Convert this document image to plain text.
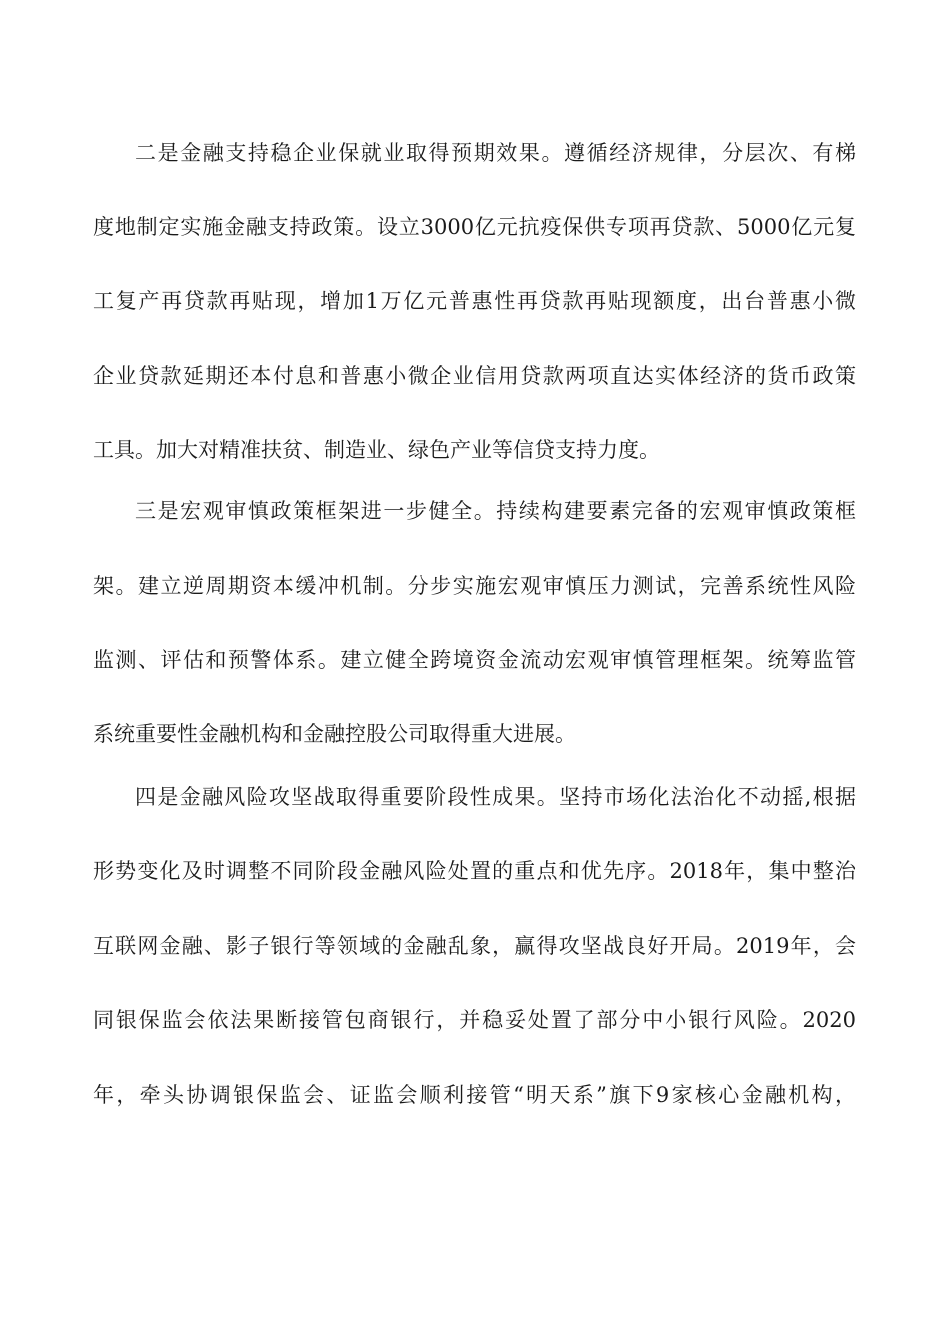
二是金融支持稳企业保就业取得预期效果。遵循经济规律，分层次、有梯
度地制定实施金融支持政策。设立3000亿元抗疫保供专项再贷款、5000亿元复
工复产再贷款再贴现，增加1万亿元普惠性再贷款再贴现额度，出台普惠小微
企业贷款延期还本付息和普惠小微企业信用贷款两项直达实体经济的货币政策
工具。加大对精准扶贫、制造业、绿色产业等信贷支持力度。
三是宏观审慎政策框架进一步健全。持续构建要素完备的宏观审慎政策框
架。建立逆周期资本缓冲机制。分步实施宏观审慎压力测试，完善系统性风险
监测、评估和预警体系。建立健全跨境资金流动宏观审慎管理框架。统筹监管
系统重要性金融机构和金融控股公司取得重大进展。
四是金融风险攻坚战取得重要阶段性成果。坚持市场化法治化不动摇,根据
形势变化及时调整不同阶段金融风险处置的重点和优先序。2018年，集中整治
互联网金融、影子银行等领域的金融乱象，赢得攻坚战良好开局。2019年，会
同银保监会依法果断接管包商银行，并稳妥处置了部分中小银行风险。2020
年，牵头协调银保监会、证监会顺利接管“明天系”旗下9家核心金融机构，
